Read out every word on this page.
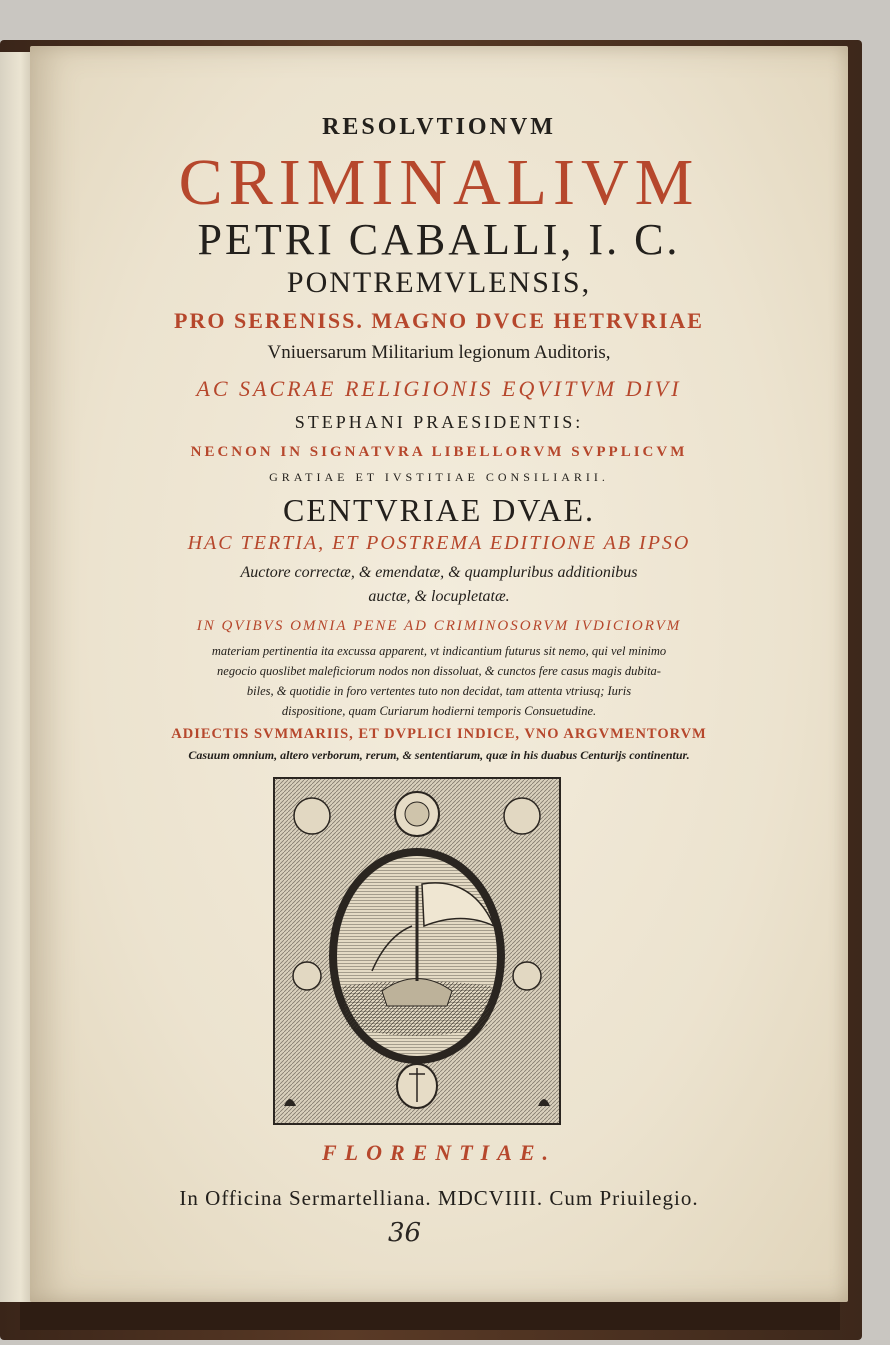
RESOLVTIONVM
CRIMINALIVM
PETRI CABALLI, I. C.
PONTREMVLENSIS,
PRO SERENISS. MAGNO DVCE HETRVRIAE
Vniuersarum Militarium legionum Auditoris,
AC SACRAE RELIGIONIS EQVITVM DIVI
STEPHANI PRAESIDENTIS:
NECNON IN SIGNATVRA LIBELLORVM SVPPLICVM
GRATIAE ET IVSTITIAE CONSILIARII.
CENTVRIAE DVAE.
HAC TERTIA, ET POSTREMA EDITIONE AB IPSO
Auctore correctæ, & emendatæ, & quampluribus additionibus
auctæ, & locupletatæ.
IN QVIBVS OMNIA PENE AD CRIMINOSORVM IVDICIORVM
materiam pertinentia ita excussa apparent, vt indicantium futurus sit nemo, qui vel minimo
negocio quoslibet maleficiorum nodos non dissoluat, & cunctos fere casus magis dubita-
biles, & quotidie in foro vertentes tuto non decidat, tam attenta vtriusq; Iuris
dispositione, quam Curiarum hodierni temporis Consuetudine.
ADIECTIS SVMMARIIS, ET DVPLICI INDICE, VNO ARGVMENTORVM
Casuum omnium, altero verborum, rerum, & sententiarum, quæ in his duabus Centurijs continentur.
FLORENTIAE.
In Officina Sermartelliana. MDCVIIII. Cum Priuilegio.
36
